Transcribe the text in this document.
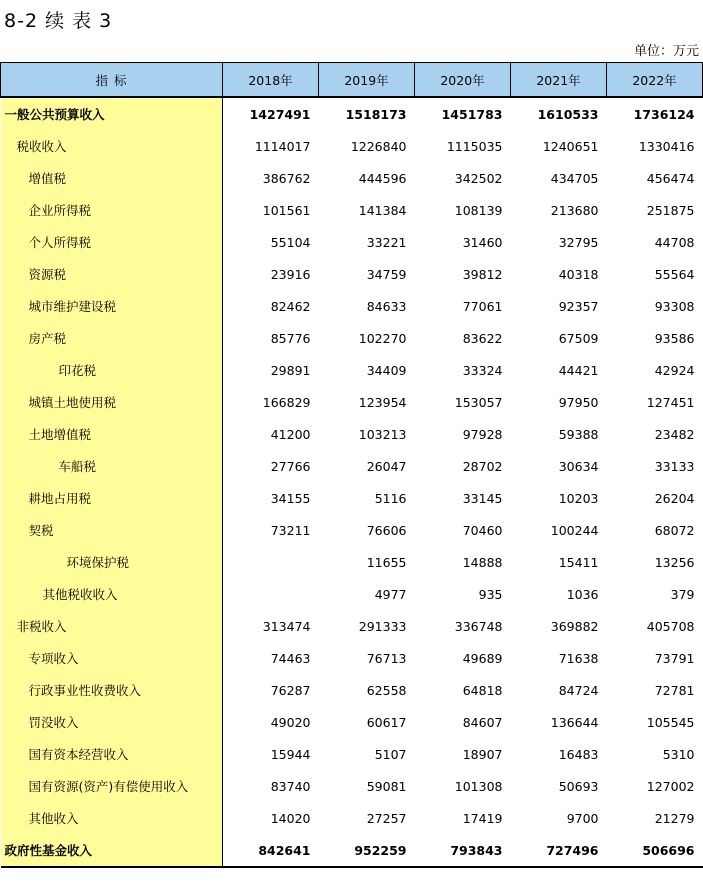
8-2 续 表 3
单位：万元
指 标	2018年	2019年	2020年	2021年	2022年
一般公共预算收入	1427491	1518173	1451783	1610533	1736124
税收收入	1114017	1226840	1115035	1240651	1330416
增值税	386762	444596	342502	434705	456474
企业所得税	101561	141384	108139	213680	251875
个人所得税	55104	33221	31460	32795	44708
资源税	23916	34759	39812	40318	55564
城市维护建设税	82462	84633	77061	92357	93308
房产税	85776	102270	83622	67509	93586
印花税	29891	34409	33324	44421	42924
城镇土地使用税	166829	123954	153057	97950	127451
土地增值税	41200	103213	97928	59388	23482
车船税	27766	26047	28702	30634	33133
耕地占用税	34155	5116	33145	10203	26204
契税	73211	76606	70460	100244	68072
环境保护税		11655	14888	15411	13256
其他税收收入		4977	935	1036	379
非税收入	313474	291333	336748	369882	405708
专项收入	74463	76713	49689	71638	73791
行政事业性收费收入	76287	62558	64818	84724	72781
罚没收入	49020	60617	84607	136644	105545
国有资本经营收入	15944	5107	18907	16483	5310
国有资源(资产)有偿使用收入	83740	59081	101308	50693	127002
其他收入	14020	27257	17419	9700	21279
政府性基金收入	842641	952259	793843	727496	506696
